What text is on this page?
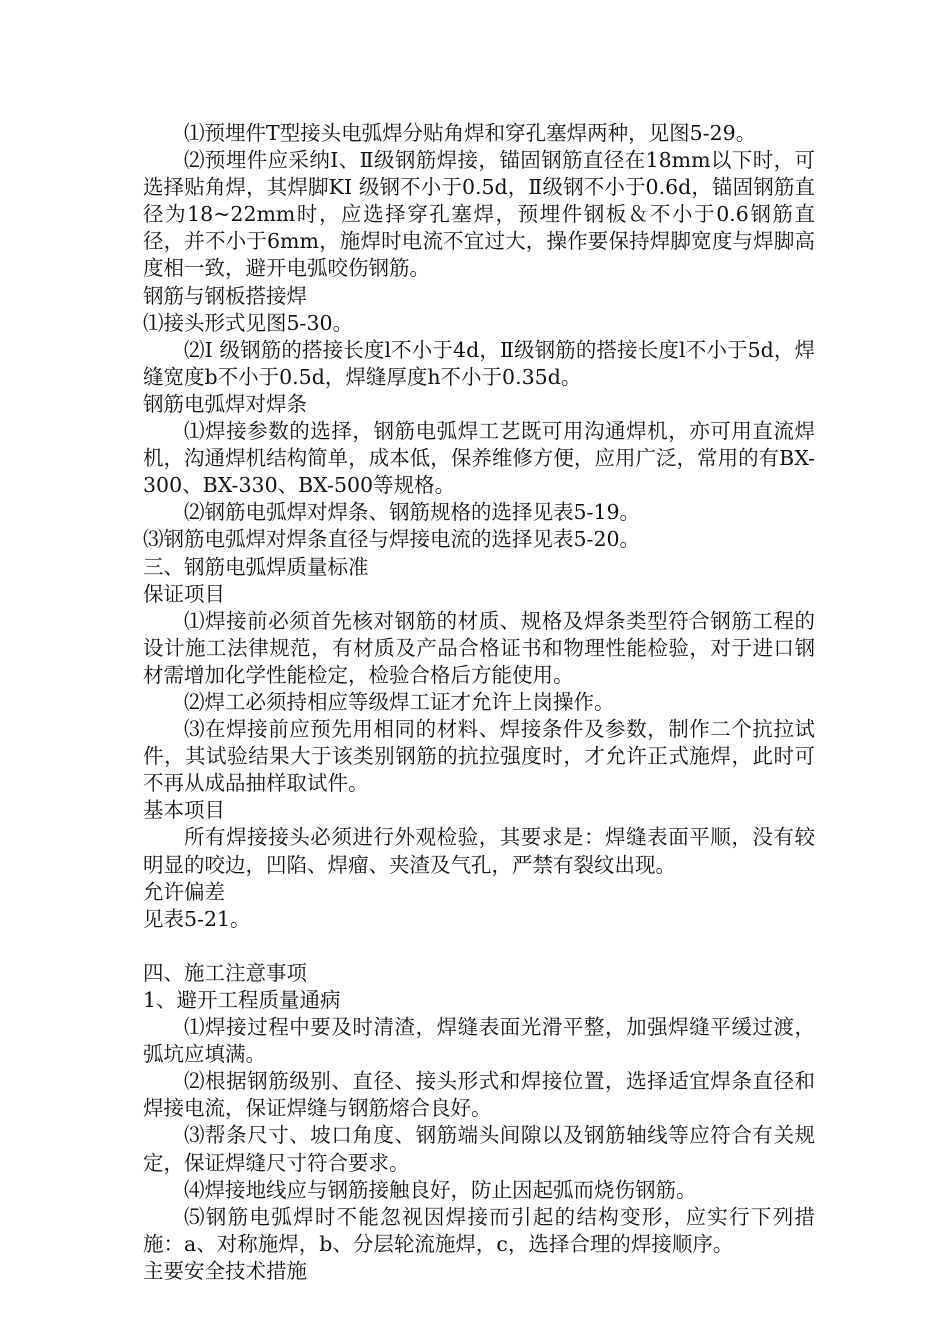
⑴预埋件T型接头电弧焊分贴角焊和穿孔塞焊两种，见图5-29。

⑵预埋件应采纳Ⅰ、Ⅱ级钢筋焊接，锚固钢筋直径在18mm以下时，可选择贴角焊，其焊脚KⅠ 级钢不小于0.5d，Ⅱ级钢不小于0.6d，锚固钢筋直径为18~22mm时，应选择穿孔塞焊，预埋件钢板＆不小于0.6钢筋直径，并不小于6mm，施焊时电流不宜过大，操作要保持焊脚宽度与焊脚高度相一致，避开电弧咬伤钢筋。

钢筋与钢板搭接焊

⑴接头形式见图5-30。

⑵Ⅰ 级钢筋的搭接长度l不小于4d，Ⅱ级钢筋的搭接长度l不小于5d，焊缝宽度b不小于0.5d，焊缝厚度h不小于0.35d。

钢筋电弧焊对焊条

⑴焊接参数的选择，钢筋电弧焊工艺既可用沟通焊机，亦可用直流焊机，沟通焊机结构简单，成本低，保养维修方便，应用广泛，常用的有BX-300、BX-330、BX-500等规格。

⑵钢筋电弧焊对焊条、钢筋规格的选择见表5-19。

⑶钢筋电弧焊对焊条直径与焊接电流的选择见表5-20。

三、钢筋电弧焊质量标准

保证项目

⑴焊接前必须首先核对钢筋的材质、规格及焊条类型符合钢筋工程的设计施工法律规范，有材质及产品合格证书和物理性能检验，对于进口钢材需增加化学性能检定，检验合格后方能使用。

⑵焊工必须持相应等级焊工证才允许上岗操作。

⑶在焊接前应预先用相同的材料、焊接条件及参数，制作二个抗拉试件，其试验结果大于该类别钢筋的抗拉强度时，才允许正式施焊，此时可不再从成品抽样取试件。

基本项目

所有焊接接头必须进行外观检验，其要求是：焊缝表面平顺，没有较明显的咬边，凹陷、焊瘤、夹渣及气孔，严禁有裂纹出现。

允许偏差

见表5-21。

四、施工注意事项

1、避开工程质量通病

⑴焊接过程中要及时清渣，焊缝表面光滑平整，加强焊缝平缓过渡，弧坑应填满。

⑵根据钢筋级别、直径、接头形式和焊接位置，选择适宜焊条直径和焊接电流，保证焊缝与钢筋熔合良好。

⑶帮条尺寸、坡口角度、钢筋端头间隙以及钢筋轴线等应符合有关规定，保证焊缝尺寸符合要求。

⑷焊接地线应与钢筋接触良好，防止因起弧而烧伤钢筋。

⑸钢筋电弧焊时不能忽视因焊接而引起的结构变形，应实行下列措施：a、对称施焊，b、分层轮流施焊，c，选择合理的焊接顺序。

主要安全技术措施
